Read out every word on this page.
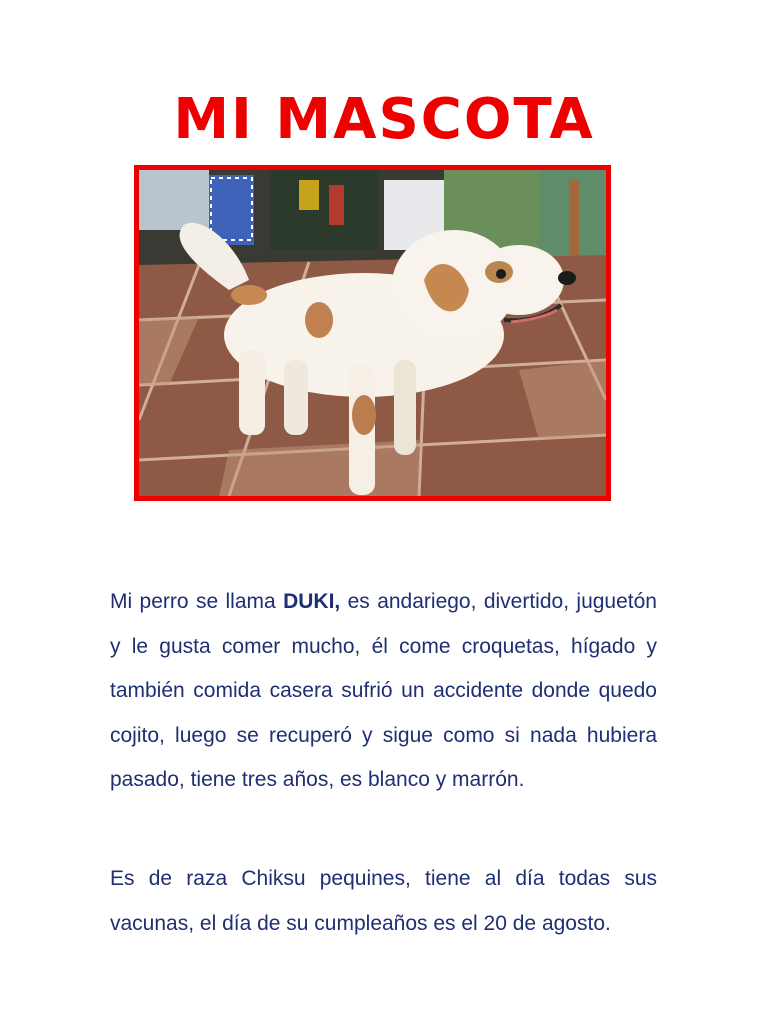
MI MASCOTA

Mi perro se llama DUKI, es andariego, divertido, juguetón y le gusta comer mucho, él come croquetas, hígado y también comida casera sufrió un accidente donde quedo cojito, luego se recuperó y sigue como si nada hubiera pasado, tiene tres años, es blanco y marrón.

Es de raza Chiksu pequines, tiene al día todas sus vacunas, el día de su cumpleaños es el 20 de agosto.
